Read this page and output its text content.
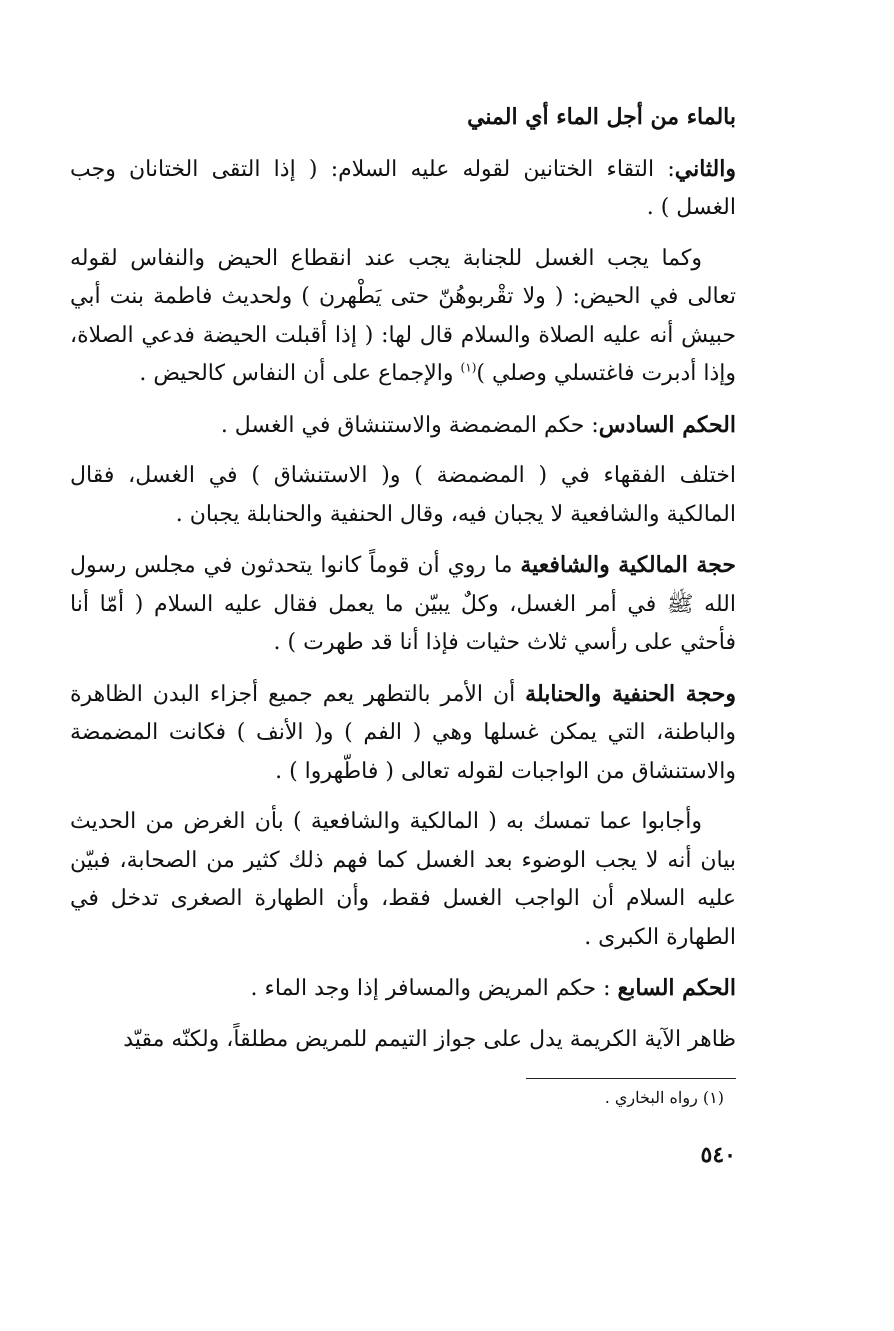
بالماء من أجل الماء أي المني

والثاني: التقاء الختانين لقوله عليه السلام: ( إذا التقى الختانان وجب الغسل ) .

وكما يجب الغسل للجنابة يجب عند انقطاع الحيض والنفاس لقوله تعالى في الحيض: ( ولا تقْربوهُنّ حتى يَطْهرن ) ولحديث فاطمة بنت أبي حبيش أنه عليه الصلاة والسلام قال لها: ( إذا أقبلت الحيضة فدعي الصلاة، وإذا أدبرت فاغتسلي وصلي )$^{(١)}$ والإجماع على أن النفاس كالحيض .

الحكم السادس: حكم المضمضة والاستنشاق في الغسل .

اختلف الفقهاء في ( المضمضة ) و( الاستنشاق ) في الغسل، فقال المالكية والشافعية لا يجبان فيه، وقال الحنفية والحنابلة يجبان .

حجة المالكية والشافعية ما روي أن قوماً كانوا يتحدثون في مجلس رسول الله ﷺ في أمر الغسل، وكلٌ يبيّن ما يعمل فقال عليه السلام ( أمّا أنا فأحثي على رأسي ثلاث حثيات فإذا أنا قد طهرت ) .

وحجة الحنفية والحنابلة أن الأمر بالتطهر يعم جميع أجزاء البدن الظاهرة والباطنة، التي يمكن غسلها وهي ( الفم ) و( الأنف ) فكانت المضمضة والاستنشاق من الواجبات لقوله تعالى ( فاطّهروا ) .

وأجابوا عما تمسك به ( المالكية والشافعية ) بأن الغرض من الحديث بيان أنه لا يجب الوضوء بعد الغسل كما فهم ذلك كثير من الصحابة، فبيّن عليه السلام أن الواجب الغسل فقط، وأن الطهارة الصغرى تدخل في الطهارة الكبرى .

الحكم السابع : حكم المريض والمسافر إذا وجد الماء .

ظاهر الآية الكريمة يدل على جواز التيمم للمريض مطلقاً، ولكنّه مقيّد

(١) رواه البخاري .
٥٤٠
